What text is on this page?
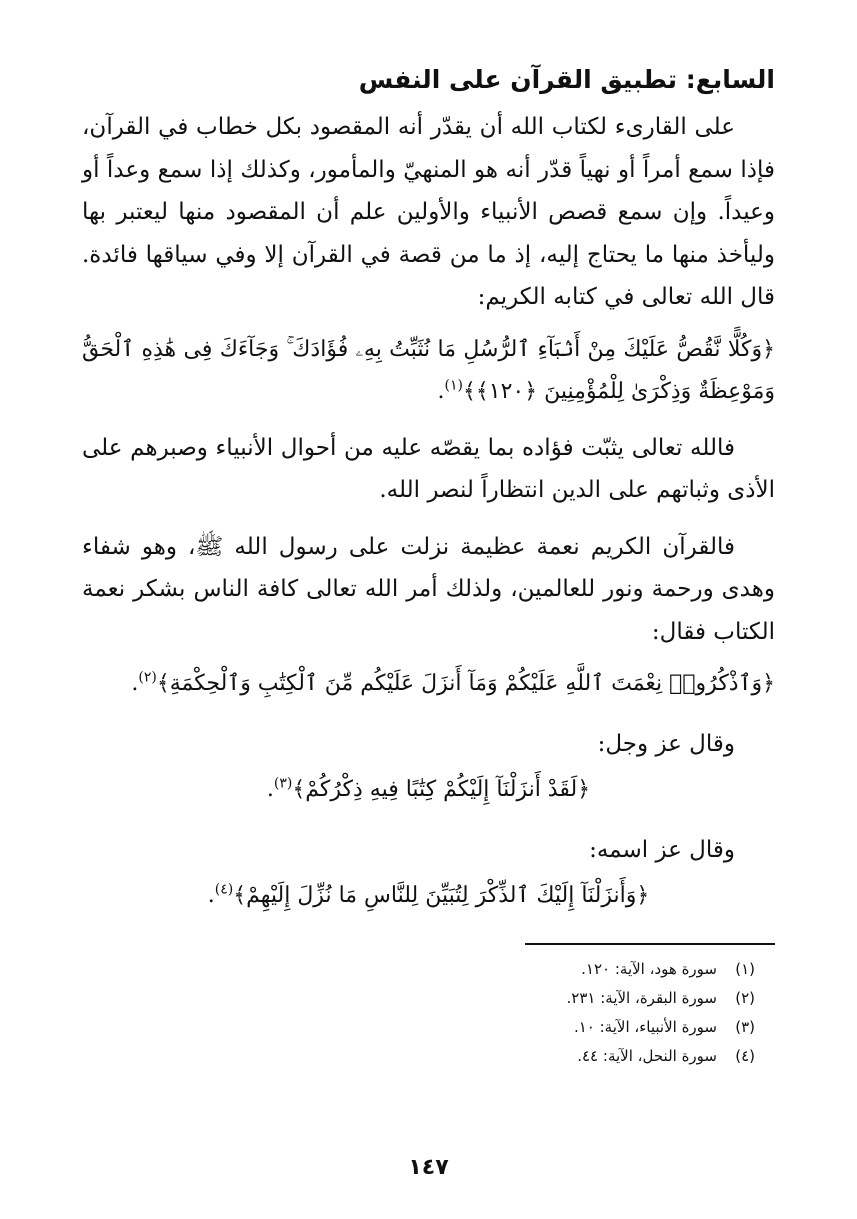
السابع: تطبيق القرآن على النفس

على القارىء لكتاب الله أن يقدّر أنه المقصود بكل خطاب في القرآن، فإذا سمع أمراً أو نهياً قدّر أنه هو المنهيّ والمأمور، وكذلك إذا سمع وعداً أو وعيداً. وإن سمع قصص الأنبياء والأولين علم أن المقصود منها ليعتبر بها وليأخذ منها ما يحتاج إليه، إذ ما من قصة في القرآن إلا وفي سياقها فائدة. قال الله تعالى في كتابه الكريم:

﴿وَكُلًّا نَّقُصُّ عَلَيْكَ مِنْ أَنۢبَآءِ ٱلرُّسُلِ مَا نُثَبِّتُ بِهِۦ فُؤَادَكَ ۚ وَجَآءَكَ فِى هَٰذِهِ ٱلْحَقُّ وَمَوْعِظَةٌ وَذِكْرَىٰ لِلْمُؤْمِنِينَ ﴿١٢٠﴾﴾$^{(١)}$.

فالله تعالى يثبّت فؤاده بما يقصّه عليه من أحوال الأنبياء وصبرهم على الأذى وثباتهم على الدين انتظاراً لنصر الله.

فالقرآن الكريم نعمة عظيمة نزلت على رسول الله ﷺ، وهو شفاء وهدى ورحمة ونور للعالمين، ولذلك أمر الله تعالى كافة الناس بشكر نعمة الكتاب فقال:

﴿وَٱذْكُرُوا۟ نِعْمَتَ ٱللَّهِ عَلَيْكُمْ وَمَآ أَنزَلَ عَلَيْكُم مِّنَ ٱلْكِتَٰبِ وَٱلْحِكْمَةِ﴾$^{(٢)}$.

وقال عز وجل:

﴿لَقَدْ أَنزَلْنَآ إِلَيْكُمْ كِتَٰبًا فِيهِ ذِكْرُكُمْ﴾$^{(٣)}$.

وقال عز اسمه:

﴿وَأَنزَلْنَآ إِلَيْكَ ٱلذِّكْرَ لِتُبَيِّنَ لِلنَّاسِ مَا نُزِّلَ إِلَيْهِمْ﴾$^{(٤)}$.

(١)سورة هود، الآية: ١٢٠.
(٢)سورة البقرة، الآية: ٢٣١.
(٣)سورة الأنبياء، الآية: ١٠.
(٤)سورة النحل، الآية: ٤٤.
١٤٧
